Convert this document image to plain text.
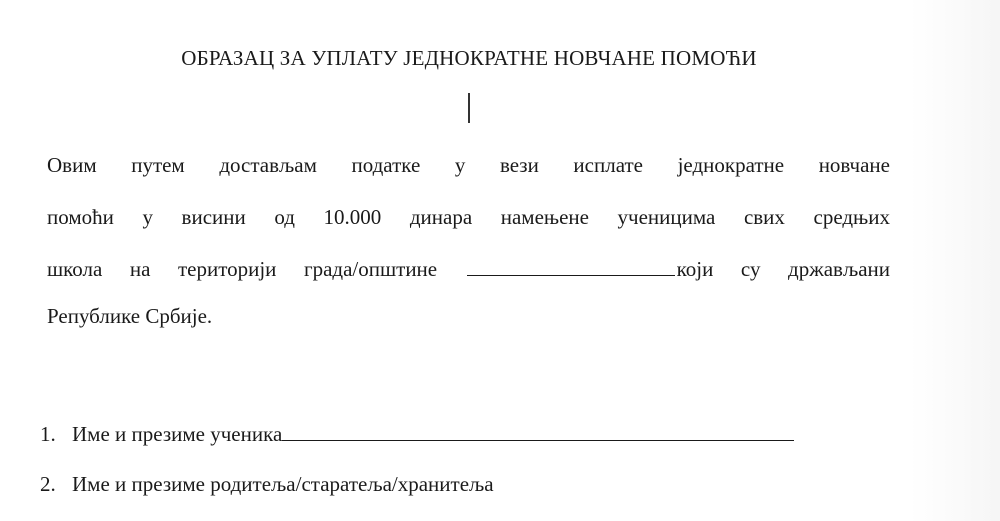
ОБРАЗАЦ ЗА УПЛАТУ ЈЕДНОКРАТНЕ НОВЧАНЕ ПОМОЋИ
Овим путем достављам податке у вези исплате једнократне новчане
помоћи у висини од 10.000 динара намењене ученицима свих средњих
школа на територији града/општине	који су држављани
Републике Србије.
1. Име и презиме ученика
2. Име и презиме родитеља/старатеља/хранитеља
